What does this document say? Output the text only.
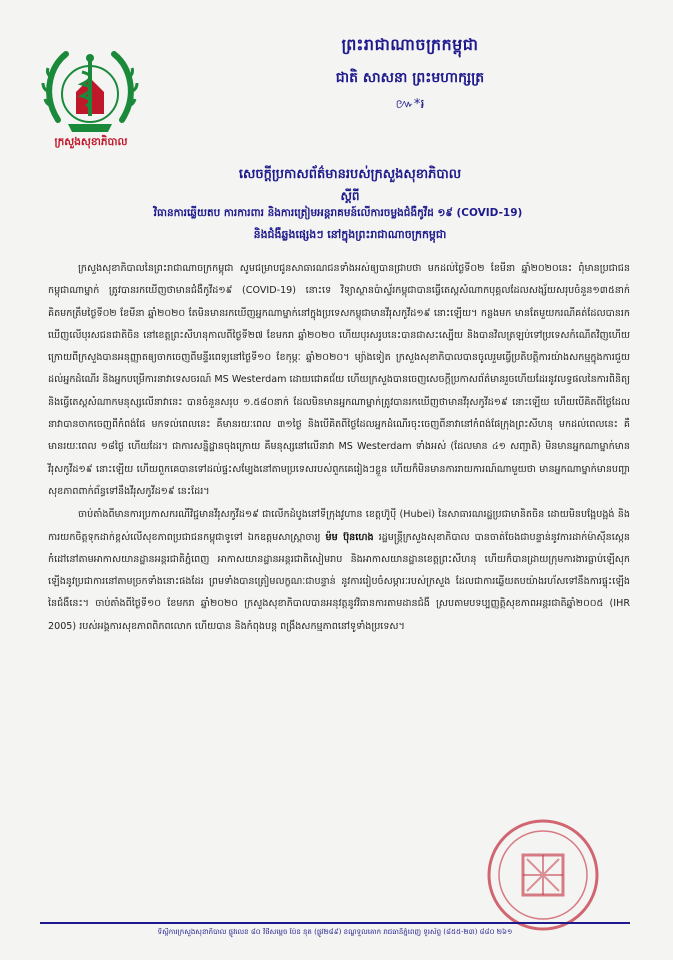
ក្រសួងសុខាភិបាល
ព្រះរាជាណាចក្រកម្ពុជា
ជាតិ សាសនា ព្រះមហាក្សត្រ
៚*៛
សេចក្តីប្រកាសព័ត៌មានរបស់ក្រសួងសុខាភិបាល
ស្តីពី
វិធានការឆ្លើយតប ការការពារ និងការត្រៀមអន្តរាគមន៍លើការចម្លងជំងឺកូវីដ ១៩ (COVID-19)
និងជំងឺឆ្លងផ្សេងៗ នៅក្នុងព្រះរាជាណាចក្រកម្ពុជា

ក្រសួងសុខាភិបាលនៃព្រះរាជាណាចក្រកម្ពុជា សូមជម្រាបជូនសាធារណជនទាំងអស់ឲ្យបានជ្រាបថា មកដល់ថ្ងៃទី០២ ខែមីនា ឆ្នាំ២០២០នេះ ពុំមានប្រជាជនកម្ពុជាណាម្នាក់ ត្រូវបានរកឃើញថាមានជំងឺកូវីដ១៩ (COVID-19) នោះទេ វិទ្យាស្ថានប៉ាស្ទ័រកម្ពុជាបានធ្វើតេស្តសំណាកបុគ្គលដែលសង្ស័យសរុបចំនួន១៣៥នាក់ គិតមកត្រឹមថ្ងៃទី០២ ខែមីនា ឆ្នាំ២០២០ តែមិនមានរកឃើញអ្នកណាម្នាក់នៅក្នុងប្រទេសកម្ពុជាមានវីរុសកូវីដ១៩ នោះឡើយ។ កន្លងមក មានតែមួយករណីគត់ដែលបានរកឃើញលើបុរសជនជាតិចិន នៅខេត្តព្រះសីហនុកាលពីថ្ងៃទី២៧ ខែមករា ឆ្នាំ២០២០ ហើយបុរសរូបនេះបានជាសះស្បើយ និងបានវិលត្រឡប់ទៅប្រទេសកំណើតវិញហើយ ក្រោយពីក្រសួងបានអនុញ្ញាតឲ្យចាកចេញពីមន្ទីរពេទ្យនៅថ្ងៃទី១០ ខែកុម្ភៈ ឆ្នាំ២០២០។ ម្យ៉ាងទៀត ក្រសួងសុខាភិបាលបានចូលរួមធ្វើប្រតិបត្តិការយ៉ាងសកម្មក្នុងការជួយដល់អ្នកដំណើរ និងអ្នកបម្រើការនាវាទេសចរណ៍ MS Westerdam ដោយជោគជ័យ ហើយក្រសួងបានចេញសេចក្តីប្រកាសព័ត៌មានរួចហើយដែរនូវលទ្ធផលនៃការពិនិត្យ និងធ្វើតេស្តសំណាកមនុស្សលើនាវានេះ បានចំនួនសរុប ១.៥៨០នាក់ ដែលមិនមានអ្នកណាម្នាក់ត្រូវបានរកឃើញថាមានវីរុសកូវីដ១៩ នោះឡើយ ហើយបើគិតពីថ្ងៃដែលនាវាបានចាកចេញពីកំពង់ផែ មកទល់ពេលនេះ គឺមានរយៈពេល ៣១ថ្ងៃ និងបើគិតពីថ្ងៃដែលអ្នកដំណើរចុះចេញពីនាវានៅកំពង់ផែក្រុងព្រះសីហនុ មកដល់ពេលនេះ គឺមានរយៈពេល ១៨ថ្ងៃ ហើយដែរ។ ជាការសន្និដ្ឋានចុងក្រោយ គឺមនុស្សនៅលើនាវា MS Westerdam ទាំងអស់ (ដែលមាន ៤១ សញ្ជាតិ) មិនមានអ្នកណាម្នាក់មានវីរុសកូវីដ១៩ នោះឡើយ ហើយពួកគេបានទៅដល់ផ្ទះសម្បែងនៅតាមប្រទេសរបស់ពួកគេរៀងៗខ្លួន ហើយក៏មិនមានការរាយការណ៍ណាមួយថា មានអ្នកណាម្នាក់មានបញ្ហាសុខភាពពាក់ព័ន្ធទៅនឹងវីរុសកូវីដ១៩ នេះដែរ។

ចាប់តាំងពីមានការប្រកាសករណីវិជ្ជមានវីរុសកូវីដ១៩ ជាលើកដំបូងនៅទីក្រុងវូហាន ខេត្តហ៊ូប៉ី (Hubei) នៃសាធារណរដ្ឋប្រជាមានិតចិន ដោយមិនបង្អែបង្អង់ និងការយកចិត្តទុកដាក់ខ្ពស់លើសុខភាពប្រជាជនកម្ពុជាទូទៅ ឯកឧត្តមសាស្ត្រាចារ្យ ម៉ម ប៊ុនហេង រដ្ឋមន្ត្រីក្រសួងសុខាភិបាល បានចាត់ចែងជាបន្ទាន់នូវការដាក់ម៉ាស៊ីនស្កេនកំដៅនៅតាមអាកាសយានដ្ឋានអន្តរជាតិភ្នំពេញ អាកាសយានដ្ឋានអន្តរជាតិសៀមរាប និងអាកាសយានដ្ឋានខេត្តព្រះសីហនុ ហើយក៏បានដ្រាយក្រុមការងារធ្លាប់ឡើសុក ឡើងនូវប្រជាការនៅតាមច្រកទាំងនោះផងដែរ ព្រមទាំងបានត្រៀមលក្ខណៈជាបន្ទាន់ នូវការរៀបចំសម្ភារៈរបស់ក្រសួង ដែលជាការឆ្លើយតបយ៉ាងរហ័សទៅនឹងការផ្ទុះឡើងនៃជំងឺនេះ។ ចាប់តាំងពីថ្ងៃទី១០ ខែមករា ឆ្នាំ២០២០ ក្រសួងសុខាភិបាលបានអនុវត្តនូវវិធានការតាមដានជំងឺ ស្របតាមបទប្បញ្ញត្តិសុខភាពអន្តរជាតិឆ្នាំ២០០៥ (IHR 2005) របស់អង្គការសុខភាពពិភពលោក ហើយបាន និងកំពុងបន្ត ពង្រឹងសកម្មភាពនៅទូទាំងប្រទេស។

ទីស្តីការក្រសួងសុខាភិបាល ផ្លូវលេខ ៨០ វិថីសម្តេច ប៉ែន នុត (ផ្លូវ២៨៩) ខណ្ឌទួលគោក រាជធានីភ្នំពេញ ទូរស័ព្ទ (៨៥៥-២៣) ៨៨០ ២៦១
